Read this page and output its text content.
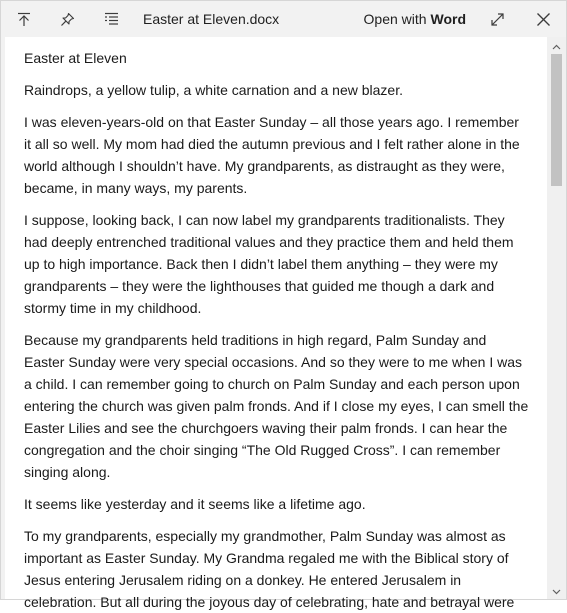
Easter at Eleven.docx	Open with Word

Easter at Eleven

Raindrops, a yellow tulip, a white carnation and a new blazer.

I was eleven-years-old on that Easter Sunday – all those years ago. I remember it all so well. My mom had died the autumn previous and I felt rather alone in the world although I shouldn’t have. My grandparents, as distraught as they were, became, in many ways, my parents.

I suppose, looking back, I can now label my grandparents traditionalists. They had deeply entrenched traditional values and they practice them and held them up to high importance. Back then I didn’t label them anything – they were my grandparents – they were the lighthouses that guided me though a dark and stormy time in my childhood.

Because my grandparents held traditions in high regard, Palm Sunday and Easter Sunday were very special occasions. And so they were to me when I was a child. I can remember going to church on Palm Sunday and each person upon entering the church was given palm fronds. And if I close my eyes, I can smell the Easter Lilies and see the churchgoers waving their palm fronds. I can hear the congregation and the choir singing “The Old Rugged Cross”. I can remember singing along.

It seems like yesterday and it seems like a lifetime ago.

To my grandparents, especially my grandmother, Palm Sunday was almost as important as Easter Sunday. My Grandma regaled me with the Biblical story of Jesus entering Jerusalem riding on a donkey. He entered Jerusalem in celebration. But all during the joyous day of celebrating, hate and betrayal were
